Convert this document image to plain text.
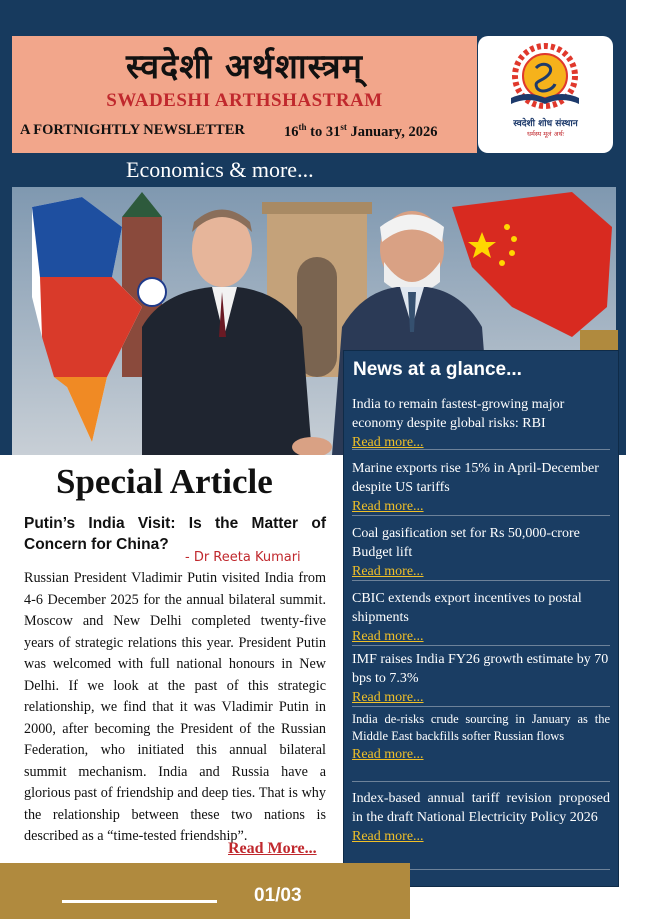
स्वदेशी अर्थशास्त्रम्
SWADESHI ARTHSHASTRAM
A FORTNIGHTLY NEWSLETTER	16th to 31st January, 2026	स्वदेशी शोध संस्थान
धर्मस्य मूलं अर्थः
Economics & more...
News at a glance...
India to remain fastest-growing major economy despite global risks: RBI
Read more...
Marine exports rise 15% in April-December despite US tariffs
Read more...
Coal gasification set for Rs 50,000-crore Budget lift
Read more...
CBIC extends export incentives to postal shipments
Read more...
IMF raises India FY26 growth estimate by 70 bps to 7.3%
Read more...
India de-risks crude sourcing in January as the Middle East backfills softer Russian flows
Read more...
Index-based annual tariff revision proposed in the draft National Electricity Policy 2026
Read more...
Special Article
Putin’s India Visit: Is the Matter of Concern for China?
- Dr Reeta Kumari
Russian President Vladimir Putin visited India from 4-6 December 2025 for the annual bilateral summit. Moscow and New Delhi completed twenty-five years of strategic relations this year. President Putin was welcomed with full national honours in New Delhi. If we look at the past of this strategic relationship, we find that it was Vladimir Putin in 2000, after becoming the President of the Russian Federation, who initiated this annual bilateral summit mechanism. India and Russia have a glorious past of friendship and deep ties. That is why the relationship between these two nations is described as a “time-tested friendship”.
Read More...
01/03
